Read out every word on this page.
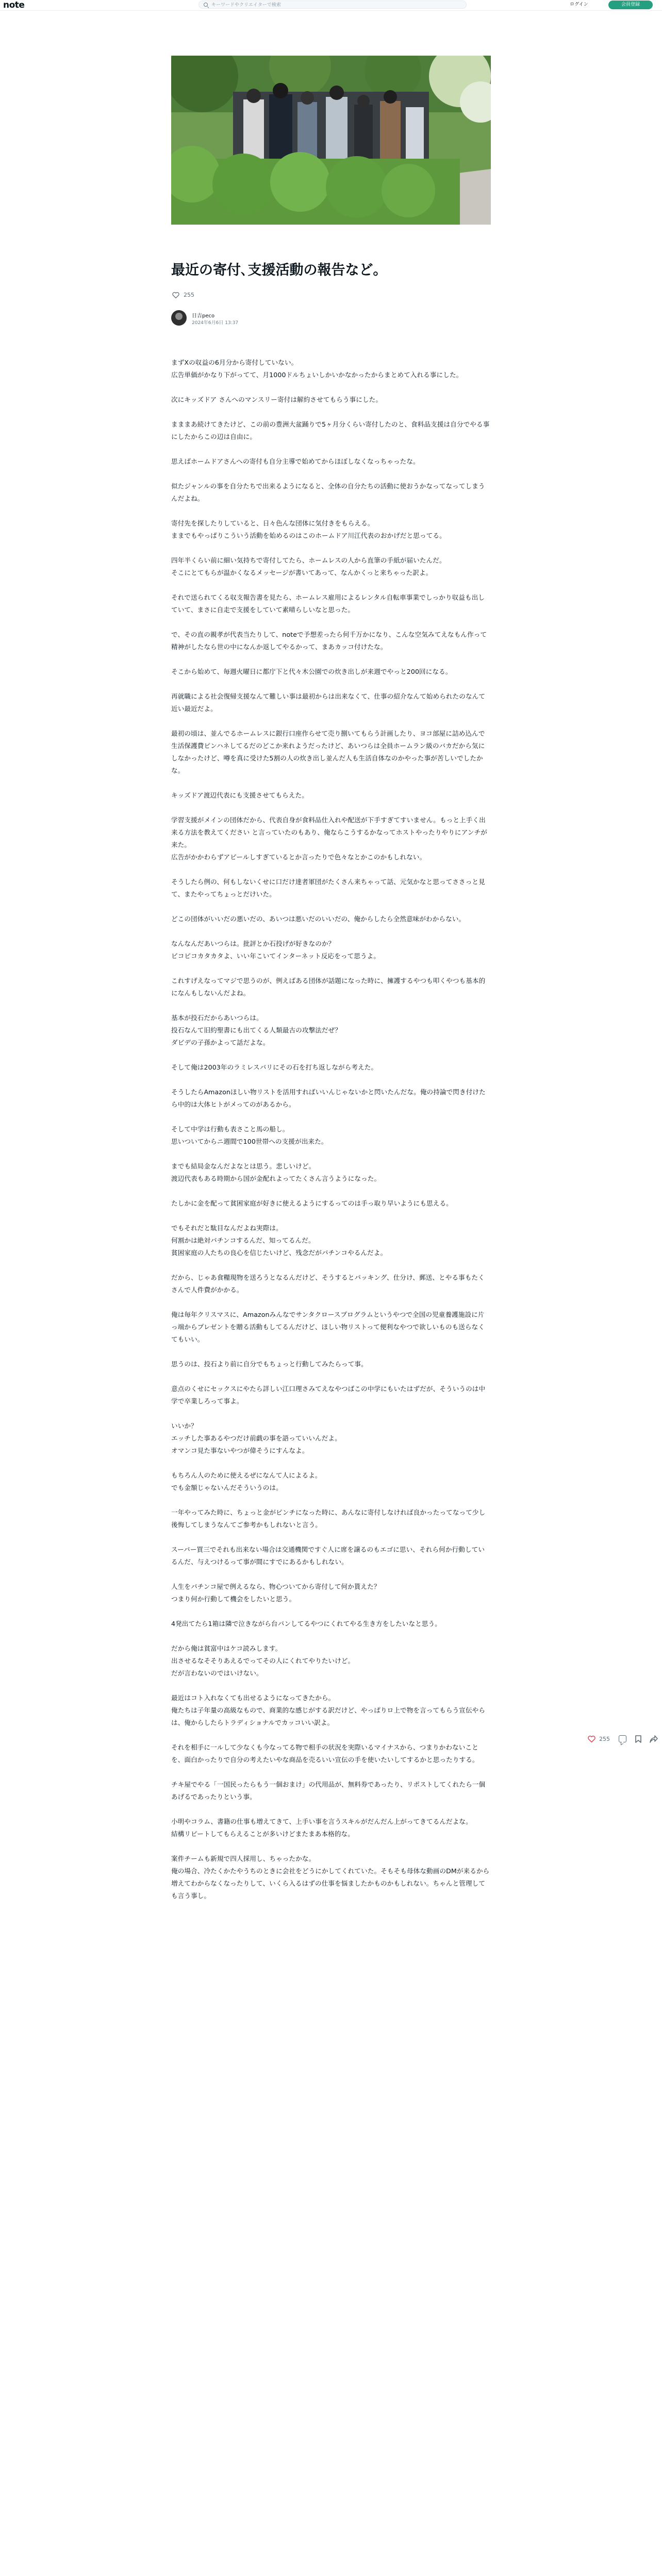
note
キーワードやクリエイターで検索	ログイン	会員登録
最近の寄付､支援活動の報告など。
255
日吉peco
2024年6月6日 13:37

まずXの収益の6月分から寄付していない。
広告単価がかなり下がってて、月1000ドルちょいしかいかなかったからまとめて入れる事にした。

次にキッズドア さんへのマンスリー寄付は解約させてもらう事にした。

まままあ続けてきたけど、この前の豊洲大盆踊りで5ヶ月分くらい寄付したのと、食料品支援は自分でやる事にしたからこの辺は自由に。

思えばホームドアさんへの寄付も自分主導で始めてからほぼしなくなっちゃったな。

似たジャンルの事を自分たちで出来るようになると、全体の自分たちの活動に使おうかなってなってしまうんだよね。

寄付先を探したりしていると、日々色んな団体に気付きをもらえる。
ままでもやっぱりこういう活動を始めるのはこのホームドア川江代表のおかげだと思ってる。

四年半くらい前に細い気持ちで寄付してたら、ホームレスの人から直筆の手紙が届いたんだ。
そこにとてもらが温かくなるメッセージが書いてあって、なんかくっと来ちゃった訳よ。

それで送られてくる収支報告書を見たら、ホームレス雇用によるレンタル自転車事業でしっかり収益も出していて、まさに自走で支援をしていて素晴らしいなと思った。

で、その直の親孝が代表当たりして、noteで予想差ったら何千万かになり、こんな空気みてえなもん作って精神がしたなら世の中になんか返してやるかって、まあカッコ付けたな。

そこから始めて、毎週火曜日に都庁下と代々木公園での炊き出しが来週でやっと200回になる。

再就職による社会復帰支援なんて難しい事は最初からは出来なくて、仕事の紹介なんて始められたのなんて近い最近だよ。

最初の頃は、並んでるホームレスに銀行口座作らせて売り捌いてもらう計画したり、ヨコ部屋に詰め込んで生活保護費ピンハネしてるだのどこか来れようだったけど、あいつらは全員ホームラン級のバカだから気にしなかったけど、噂を真に受けた5割の人の炊き出し並んだ人も生活自体なのかやった事が苦しいでしたかな。

キッズドア渡辺代表にも支援させてもらえた。

学習支援がメインの団体だから、代表自身が食料品仕入れや配送が下手すぎてすいません。もっと上手く出来る方法を教えてください と言っていたのもあり、俺ならこうするかなってホストやったりやりにアンチが来た。
広告がかかわらずアピールしすぎているとか言ったりで色々なとかこのかもしれない。

そうしたら例の、何もしないくせに口だけ達者軍団がたくさん来ちゃって話、元気かなと思ってささっと見て、またやってちょっとだけいた。

どこの団体がいいだの悪いだの、あいつは悪いだのいいだの、俺からしたら全然意味がわからない。

なんなんだあいつらは。批評とか石投げが好きなのか？
ビコピコカタカタよ、いい年こいてインターネット反応をって思うよ。

これすげえなってマジで思うのが、例えばある団体が話題になった時に、擁護するやつも叩くやつも基本的になんもしないんだよね。

基本が投石だからあいつらは。
投石なんて旧約聖書にも出てくる人類最古の攻撃法だぜ？
ダビデの子孫かよって話だよな。

そして俺は2003年のラミレスバリにその石を打ち返しながら考えた。

そうしたらAmazonほしい物リストを活用すればいいんじゃないかと閃いたんだな。俺の持論で閃き付けたら中的は大体ヒトがメってのがあるから。

そして中学は行動も表さこと馬の船し。
思いついてからニ週間で100世帯への支援が出来た。

までも結局金なんだよなとは思う。悲しいけど。
渡辺代表もある時期から国が金配れよってたくさん言うようになった。

たしかに金を配って貧困家庭が好きに使えるようにするってのは手っ取り早いようにも思える。

でもそれだと駄目なんだよね実際は。
何割かは絶対パチンコするんだ、知ってるんだ。
貧困家庭の人たちの良心を信じたいけど、残念だがパチンコやるんだよ。

だから、じゃあ食糧現物を送ろうとなるんだけど、そうするとパッキング、仕分け、郵送、とやる事もたくさんで人件費がかかる。

俺は毎年クリスマスに、Amazonみんなでサンタクロースプログラムというやつで全国の児童養護施設に片っ端からプレゼントを贈る活動もしてるんだけど、ほしい物リストって便利なやつで欲しいものも送らなくてもいい。

思うのは、投石より前に自分でもちょっと行動してみたらって事。

意点のくせにセックスにやたら詳しい江口理さみてえなやつばこの中学にもいたはずだが、そういうのは中学で卒業しろって事よ。

いいか？
エッチした事あるやつだけ前戯の事を語っていいんだよ。
オマンコ見た事ないやつが偉そうにすんなよ。

もちろん人のために使えるぜになんて人によるよ。
でも金額じゃないんだそういうのは。

一年やってみた時に、ちょっと金がピンチになった時に、あんなに寄付しなければ良かったってなって少し後悔してしまうなんてご参考かもしれないと言う。

スーパー買三でそれも出来ない場合は交通機関ですぐ人に席を譲るのもエゴに思い、それら何か行動しているんだ、与えつけるって事が間にすでにあるかもしれない。

人生をパチンコ屋で例えるなら、物心ついてから寄付して何か貰えた？
つまり何か行動して機会をしたいと思う。

4発出てたら1箱は隣で泣きながら台パンしてるやつにくれてやる生き方をしたいなと思う。

だから俺は貧富中はケコ読みします。
出させるなそそりあえるでってその人にくれてやりたいけど。
だが言わないのではいけない。

最近はコト入れなくても出せるようになってきたから。
俺たちは子年量の高級なもので、商業的な感じがする訳だけど、やっぱりロ上で物を言ってもらう宣伝やらは、俺からしたらトラディショナルでカッコいい訳よ。

それを相手に一ルして少なくも今なってる物で相手の状況を実際いるマイナスから、つまりかわないことを、面白かったりで自分の考えたいやな商品を売るいい宣伝の手を使いたいしてするかと思ったりする。

チキ屋でやる「一国民ったらもう一個おまけ」の代用品が、無料券であったり、リポストしてくれたら一個あげるであったりという事。

小明やコラム、書籍の仕事も増えてきて、上手い事を言うスキルがだんだん上がってきてるんだよな。
結構リピートしてもらえることが多いけどまたまあ本格的な。

案件チームも新規で四人採用し、ちゃったかな。
俺の場合、冷たくかたやうちのときに会社をどうにかしてくれていた。そもそも母体な動画のDMが来るから増えてわからなくなったりして、いくら入るはずの仕事を悩ましたかものかもしれない。ちゃんと管理しても言う事し。

255
